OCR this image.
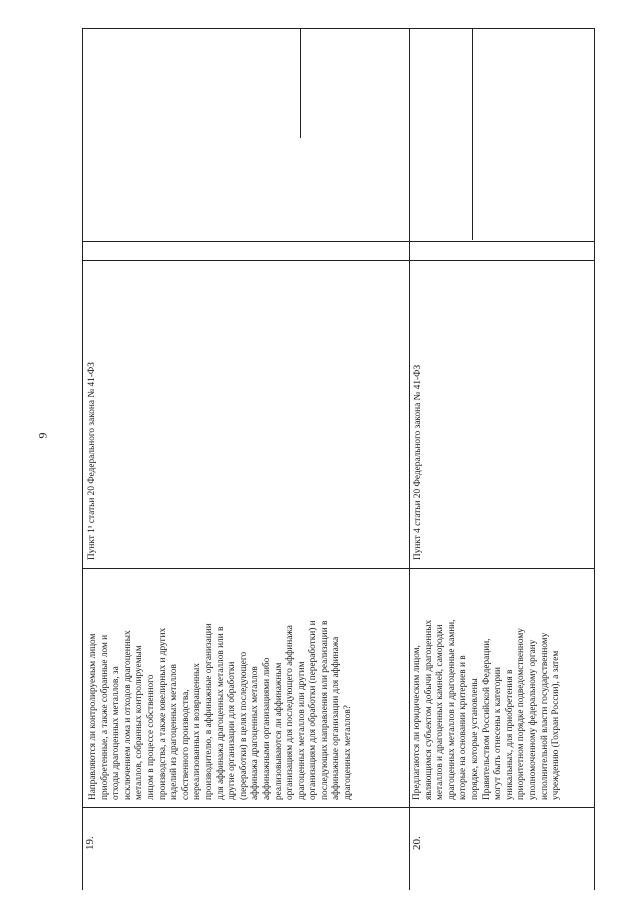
9
19.
Направляются ли контролируемым лицом
приобретенные, а также собранные лом и
отходы драгоценных металлов, за
исключением лома и отходов драгоценных
металлов, собранных контролируемым
лицом в процессе собственного
производства, а также ювелирных и других
изделий из драгоценных металлов
собственного производства,
нереализованных и возвращенных
производителю, в аффинажные организации
для аффинажа драгоценных металлов или в
другие организации для обработки
(переработки) в целях последующего
аффинажа драгоценных металлов
аффинажными организациями либо
реализовываются ли аффинажным
организациям для последующего аффинажа
драгоценных металлов или другим
организациям для обработки (переработки) и
последующих направления или реализации в
аффинажные организации для аффинажа
драгоценных металлов?
Пункт 1¹ статьи 20 Федерального закона № 41-ФЗ
20.
Предлагаются ли юридическим лицом,
являющимся субъектом добычи драгоценных
металлов и драгоценных камней, самородки
драгоценных металлов и драгоценные камни,
которые на основании критериев и в
порядке, которые установлены
Правительством Российской Федерации,
могут быть отнесены к категории
уникальных, для приобретения в
приоритетном порядке подведомственному
уполномоченному федеральному органу
исполнительной власти государственному
учреждению (Гохран России), а затем
Пункт 4 статьи 20 Федерального закона № 41-ФЗ
